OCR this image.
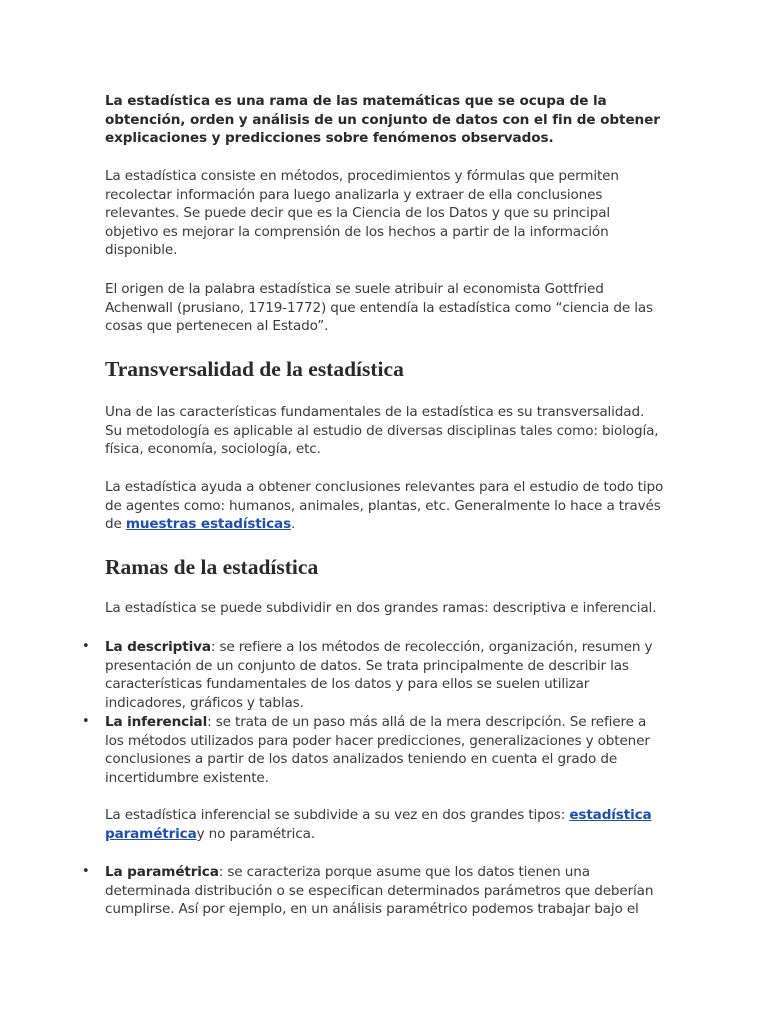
La estadística es una rama de las matemáticas que se ocupa de la obtención, orden y análisis de un conjunto de datos con el fin de obtener explicaciones y predicciones sobre fenómenos observados.

La estadística consiste en métodos, procedimientos y fórmulas que permiten recolectar información para luego analizarla y extraer de ella conclusiones relevantes. Se puede decir que es la Ciencia de los Datos y que su principal objetivo es mejorar la comprensión de los hechos a partir de la información disponible.

El origen de la palabra estadística se suele atribuir al economista Gottfried Achenwall (prusiano, 1719-1772) que entendía la estadística como “ciencia de las cosas que pertenecen al Estado”.

Transversalidad de la estadística

Una de las características fundamentales de la estadística es su transversalidad. Su metodología es aplicable al estudio de diversas disciplinas tales como: biología, física, economía, sociología, etc.

La estadística ayuda a obtener conclusiones relevantes para el estudio de todo tipo de agentes como: humanos, animales, plantas, etc. Generalmente lo hace a través de muestras estadísticas.

Ramas de la estadística

La estadística se puede subdividir en dos grandes ramas: descriptiva e inferencial.

• La descriptiva: se refiere a los métodos de recolección, organización, resumen y presentación de un conjunto de datos. Se trata principalmente de describir las características fundamentales de los datos y para ellos se suelen utilizar indicadores, gráficos y tablas.

• La inferencial: se trata de un paso más allá de la mera descripción. Se refiere a los métodos utilizados para poder hacer predicciones, generalizaciones y obtener conclusiones a partir de los datos analizados teniendo en cuenta el grado de incertidumbre existente.

La estadística inferencial se subdivide a su vez en dos grandes tipos: estadística paramétricay no paramétrica.

• La paramétrica: se caracteriza porque asume que los datos tienen una determinada distribución o se especifican determinados parámetros que deberían cumplirse. Así por ejemplo, en un análisis paramétrico podemos trabajar bajo el
